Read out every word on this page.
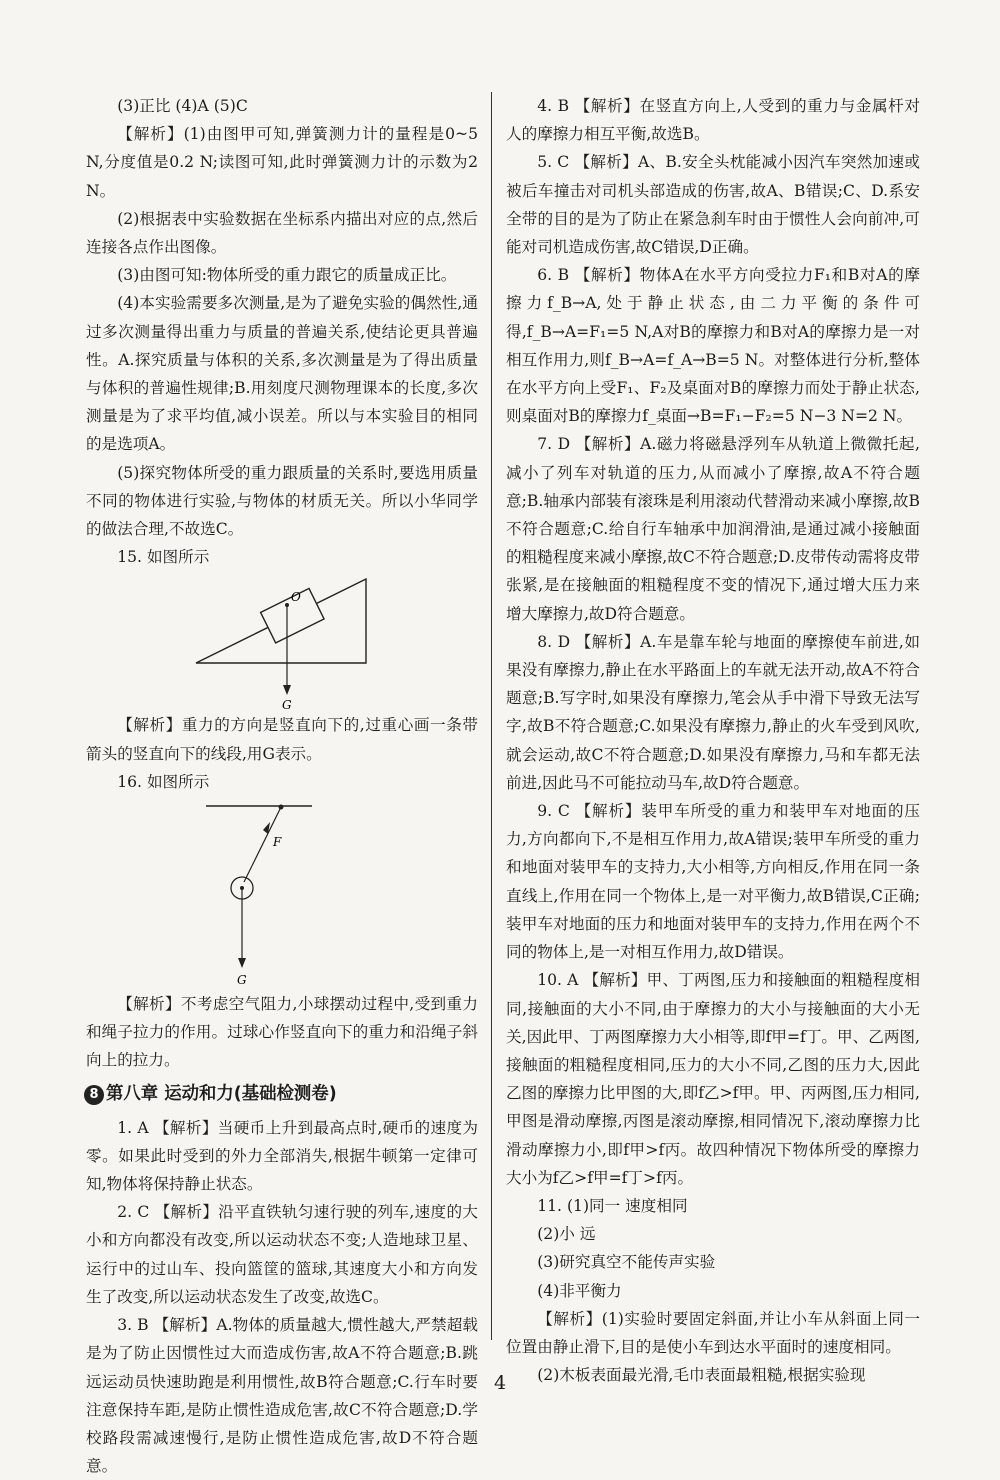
(3)正比 (4)A (5)C

【解析】(1)由图甲可知,弹簧测力计的量程是0~5 N,分度值是0.2 N;读图可知,此时弹簧测力计的示数为2 N。

(2)根据表中实验数据在坐标系内描出对应的点,然后连接各点作出图像。

(3)由图可知:物体所受的重力跟它的质量成正比。

(4)本实验需要多次测量,是为了避免实验的偶然性,通过多次测量得出重力与质量的普遍关系,使结论更具普遍性。A.探究质量与体积的关系,多次测量是为了得出质量与体积的普遍性规律;B.用刻度尺测物理课本的长度,多次测量是为了求平均值,减小误差。所以与本实验目的相同的是选项A。

(5)探究物体所受的重力跟质量的关系时,要选用质量不同的物体进行实验,与物体的材质无关。所以小华同学的做法合理,不故选C。

15. 如图所示

O
G

【解析】重力的方向是竖直向下的,过重心画一条带箭头的竖直向下的线段,用G表示。

16. 如图所示

F
G

【解析】不考虑空气阻力,小球摆动过程中,受到重力和绳子拉力的作用。过球心作竖直向下的重力和沿绳子斜向上的拉力。

8 第八章 运动和力(基础检测卷)

1. A 【解析】当硬币上升到最高点时,硬币的速度为零。如果此时受到的外力全部消失,根据牛顿第一定律可知,物体将保持静止状态。

2. C 【解析】沿平直铁轨匀速行驶的列车,速度的大小和方向都没有改变,所以运动状态不变;人造地球卫星、运行中的过山车、投向篮筐的篮球,其速度大小和方向发生了改变,所以运动状态发生了改变,故选C。

3. B 【解析】A.物体的质量越大,惯性越大,严禁超载是为了防止因惯性过大而造成伤害,故A不符合题意;B.跳远运动员快速助跑是利用惯性,故B符合题意;C.行车时要注意保持车距,是防止惯性造成危害,故C不符合题意;D.学校路段需减速慢行,是防止惯性造成危害,故D不符合题意。

4. B 【解析】在竖直方向上,人受到的重力与金属杆对人的摩擦力相互平衡,故选B。

5. C 【解析】A、B.安全头枕能减小因汽车突然加速或被后车撞击对司机头部造成的伤害,故A、B错误;C、D.系安全带的目的是为了防止在紧急刹车时由于惯性人会向前冲,可能对司机造成伤害,故C错误,D正确。

6. B 【解析】物体A在水平方向受拉力F₁和B对A的摩擦力f_B→A,处于静止状态,由二力平衡的条件可得,f_B→A=F₁=5 N,A对B的摩擦力和B对A的摩擦力是一对相互作用力,则f_B→A=f_A→B=5 N。对整体进行分析,整体在水平方向上受F₁、F₂及桌面对B的摩擦力而处于静止状态,则桌面对B的摩擦力f_桌面→B=F₁−F₂=5 N−3 N=2 N。

7. D 【解析】A.磁力将磁悬浮列车从轨道上微微托起,减小了列车对轨道的压力,从而减小了摩擦,故A不符合题意;B.轴承内部装有滚珠是利用滚动代替滑动来减小摩擦,故B不符合题意;C.给自行车轴承中加润滑油,是通过减小接触面的粗糙程度来减小摩擦,故C不符合题意;D.皮带传动需将皮带张紧,是在接触面的粗糙程度不变的情况下,通过增大压力来增大摩擦力,故D符合题意。

8. D 【解析】A.车是靠车轮与地面的摩擦使车前进,如果没有摩擦力,静止在水平路面上的车就无法开动,故A不符合题意;B.写字时,如果没有摩擦力,笔会从手中滑下导致无法写字,故B不符合题意;C.如果没有摩擦力,静止的火车受到风吹,就会运动,故C不符合题意;D.如果没有摩擦力,马和车都无法前进,因此马不可能拉动马车,故D符合题意。

9. C 【解析】装甲车所受的重力和装甲车对地面的压力,方向都向下,不是相互作用力,故A错误;装甲车所受的重力和地面对装甲车的支持力,大小相等,方向相反,作用在同一条直线上,作用在同一个物体上,是一对平衡力,故B错误,C正确;装甲车对地面的压力和地面对装甲车的支持力,作用在两个不同的物体上,是一对相互作用力,故D错误。

10. A 【解析】甲、丁两图,压力和接触面的粗糙程度相同,接触面的大小不同,由于摩擦力的大小与接触面的大小无关,因此甲、丁两图摩擦力大小相等,即f甲=f丁。甲、乙两图,接触面的粗糙程度相同,压力的大小不同,乙图的压力大,因此乙图的摩擦力比甲图的大,即f乙>f甲。甲、丙两图,压力相同,甲图是滑动摩擦,丙图是滚动摩擦,相同情况下,滚动摩擦力比滑动摩擦力小,即f甲>f丙。故四种情况下物体所受的摩擦力大小为f乙>f甲=f丁>f丙。

11. (1)同一 速度相同

(2)小 远

(3)研究真空不能传声实验

(4)非平衡力

【解析】(1)实验时要固定斜面,并让小车从斜面上同一位置由静止滑下,目的是使小车到达水平面时的速度相同。

(2)木板表面最光滑,毛巾表面最粗糙,根据实验现

4
